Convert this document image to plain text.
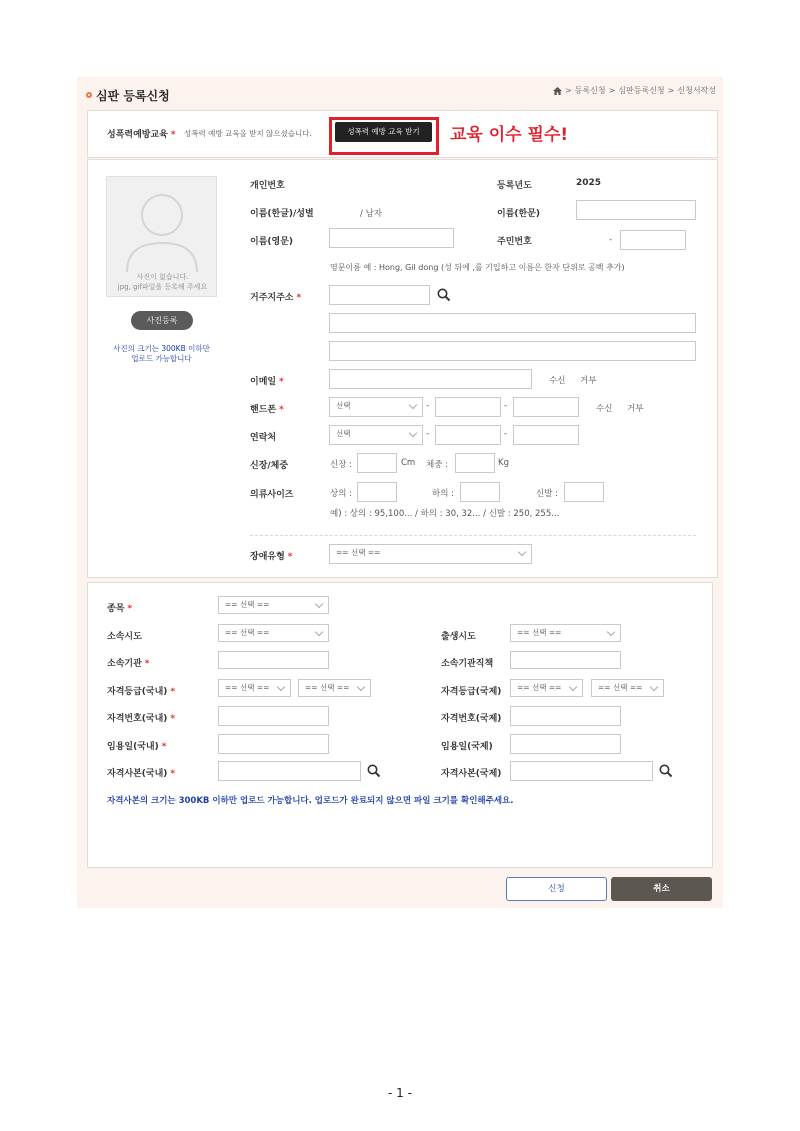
심판 등록신청	> 등록신청 > 심판등록신청 > 신청서작성
성폭력예방교육 * 성폭력 예방 교육을 받지 않으셨습니다.	성폭력 예방 교육 받기	교육 이수 필수!
사진이 없습니다.
jpg, gif파일을 등록해 주세요
사진등록
사진의 크기는 300KB 이하만
업로드 가능합니다
개인번호	등록년도	2025
이름(한글)/성별	/ 남자	이름(한문)
이름(영문)	주민번호	-
영문이름 예 : Hong, Gil dong (성 뒤에 ,를 기입하고 이름은 한자 단위로 공백 추가)
거주지주소 *
이메일 *	수신 거부
핸드폰 *	선택	-	-	수신 거부
연락처	선택	-	-
신장/체중	신장 :	Cm 체중 :	Kg
의류사이즈	상의 :	하의 :	신발 :
예) : 상의 : 95,100... / 하의 : 30, 32... / 신발 : 250, 255...
장애유형 *	== 선택 ==
종목 *	== 선택 ==
소속시도	== 선택 ==	출생시도	== 선택 ==
소속기관 *	소속기관직책
자격등급(국내) *	== 선택 ==	== 선택 ==	자격등급(국제)	== 선택 ==	== 선택 ==
자격번호(국내) *	자격번호(국제)
임용일(국내) *	임용일(국제)
자격사본(국내) *	자격사본(국제)
자격사본의 크기는 300KB 이하만 업로드 가능합니다. 업로드가 완료되지 않으면 파일 크기를 확인해주세요.
신청	취소
- 1 -
